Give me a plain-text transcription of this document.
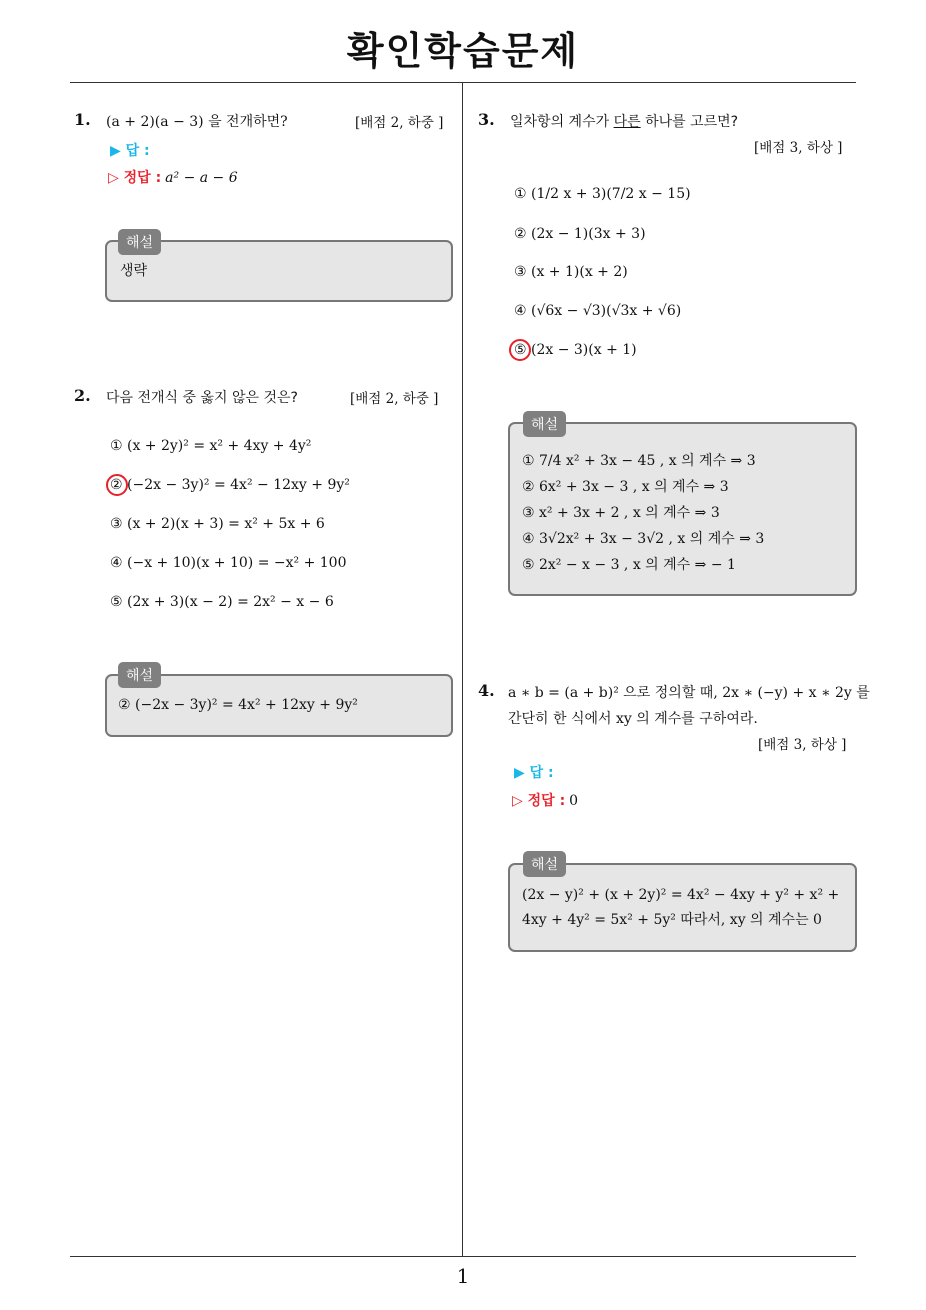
확인학습문제
1
1. (a + 2)(a − 3) 을 전개하면?	[배점 2, 하중 ]
▶ 답 :
▷ 정답 : a² − a − 6
해설
생략
2. 다음 전개식 중 옳지 않은 것은?	[배점 2, 하중 ]
① (x + 2y)² = x² + 4xy + 4y²
② (−2x − 3y)² = 4x² − 12xy + 9y²
③ (x + 2)(x + 3) = x² + 5x + 6
④ (−x + 10)(x + 10) = −x² + 100
⑤ (2x + 3)(x − 2) = 2x² − x − 6
해설
② (−2x − 3y)² = 4x² + 12xy + 9y²
3. 일차항의 계수가 다른 하나를 고르면?
[배점 3, 하상 ]
① (1/2 x + 3)(7/2 x − 15)
② (2x − 1)(3x + 3)
③ (x + 1)(x + 2)
④ (√6x − √3)(√3x + √6)
⑤ (2x − 3)(x + 1)
해설
① 7/4 x² + 3x − 45 , x 의 계수 ⇒ 3
② 6x² + 3x − 3 , x 의 계수 ⇒ 3
③ x² + 3x + 2 , x 의 계수 ⇒ 3
④ 3√2x² + 3x − 3√2 , x 의 계수 ⇒ 3
⑤ 2x² − x − 3 , x 의 계수 ⇒ − 1
4. a ∗ b = (a + b)² 으로 정의할 때, 2x ∗ (−y) + x ∗ 2y 를
간단히 한 식에서 xy 의 계수를 구하여라.
[배점 3, 하상 ]
▶ 답 :
▷ 정답 : 0
해설
(2x − y)² + (x + 2y)² = 4x² − 4xy + y² + x² +
4xy + 4y² = 5x² + 5y² 따라서, xy 의 계수는 0
